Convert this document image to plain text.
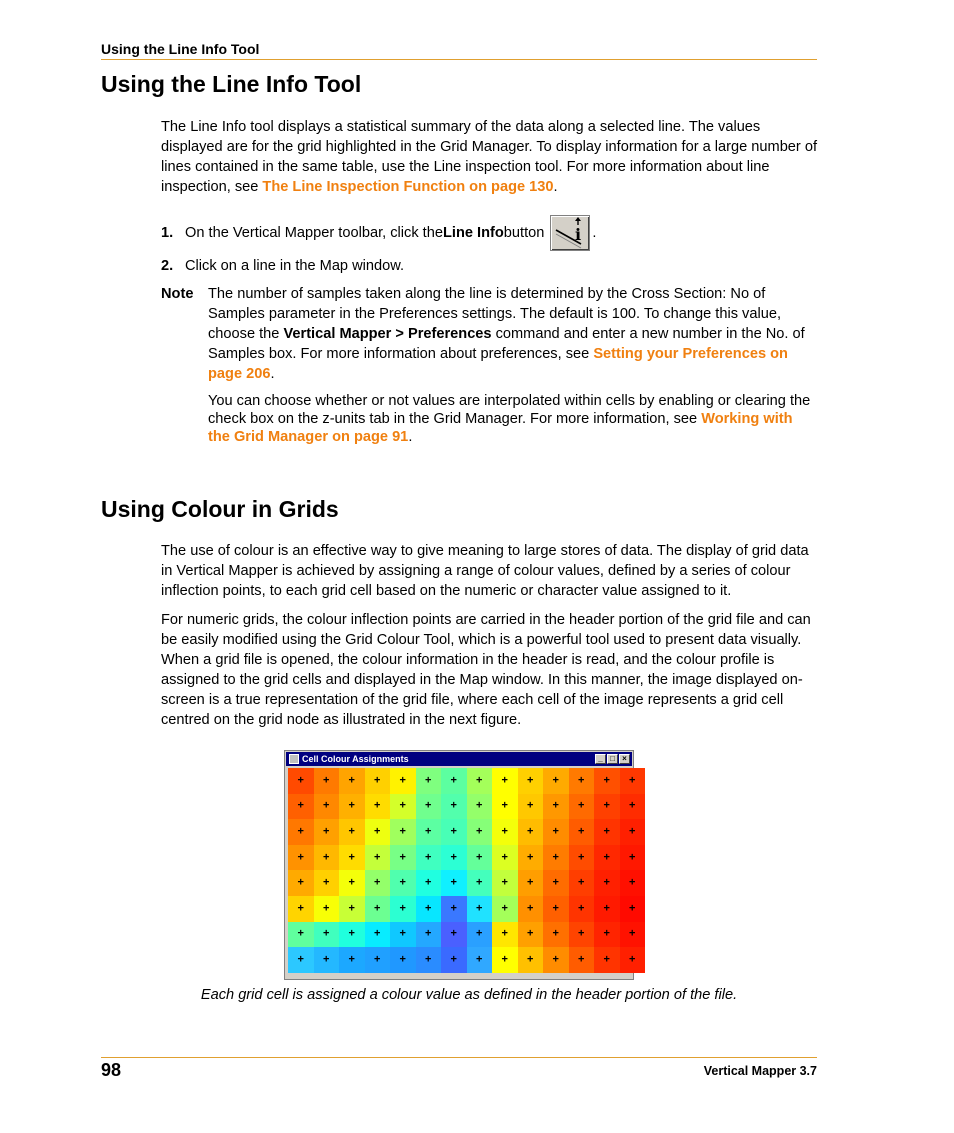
Using the Line Info Tool
Using the Line Info Tool

The Line Info tool displays a statistical summary of the data along a selected line. The values displayed are for the grid highlighted in the Grid Manager. To display information for a large number of lines contained in the same table, use the Line inspection tool. For more information about line inspection, see The Line Inspection Function on page 130.

1. On the Vertical Mapper toolbar, click the Line Info button i .
2. Click on a line in the Map window.
Note The number of samples taken along the line is determined by the Cross Section: No of Samples parameter in the Preferences settings. The default is 100. To change this value, choose the Vertical Mapper > Preferences command and enter a new number in the No. of Samples box. For more information about preferences, see Setting your Preferences on page 206.

You can choose whether or not values are interpolated within cells by enabling or clearing the check box on the z-units tab in the Grid Manager. For more information, see Working with the Grid Manager on page 91.

Using Colour in Grids

The use of colour is an effective way to give meaning to large stores of data. The display of grid data in Vertical Mapper is achieved by assigning a range of colour values, defined by a series of colour inflection points, to each grid cell based on the numeric or character value assigned to it.

For numeric grids, the colour inflection points are carried in the header portion of the grid file and can be easily modified using the Grid Colour Tool, which is a powerful tool used to present data visually. When a grid file is opened, the colour information in the header is read, and the colour profile is assigned to the grid cells and displayed in the Map window. In this manner, the image displayed on-screen is a true representation of the grid file, where each cell of the image represents a grid cell centred on the grid node as illustrated in the next figure.

Cell Colour Assignments	_ □ ×
+ + + + + + + + + + + + + +
+ + + + + + + + + + + + + +
+ + + + + + + + + + + + + +
+ + + + + + + + + + + + + +
+ + + + + + + + + + + + + +
+ + + + + + + + + + + + + +
+ + + + + + + + + + + + + +
+ + + + + + + + + + + + + +
Each grid cell is assigned a colour value as defined in the header portion of the file.
98	Vertical Mapper 3.7
